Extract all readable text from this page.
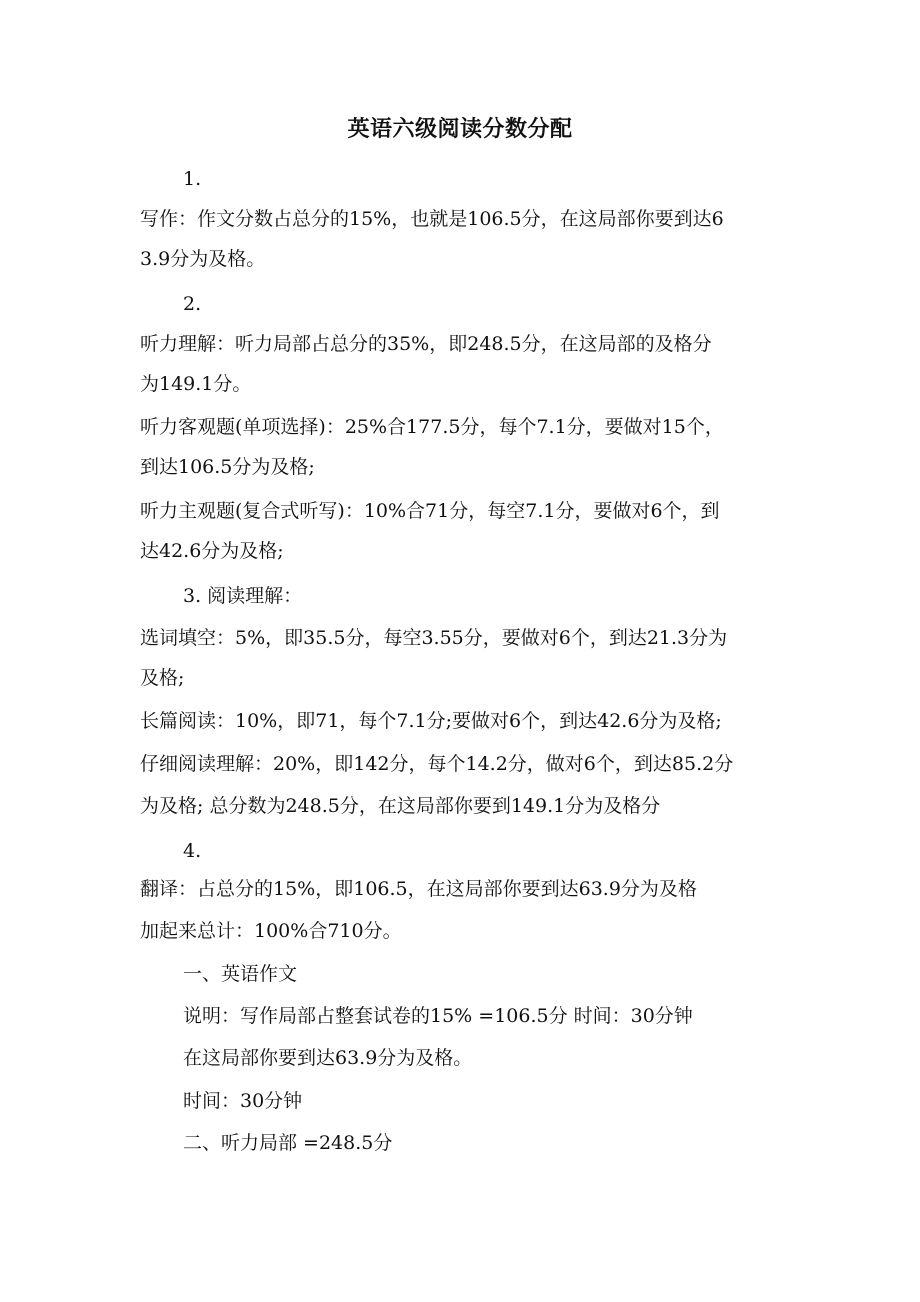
英语六级阅读分数分配
1.
写作：作文分数占总分的15%，也就是106.5分，在这局部你要到达6
3.9分为及格。
2.
听力理解：听力局部占总分的35%，即248.5分，在这局部的及格分
为149.1分。
听力客观题(单项选择)：25%合177.5分，每个7.1分，要做对15个，
到达106.5分为及格;
听力主观题(复合式听写)：10%合71分，每空7.1分，要做对6个，到
达42.6分为及格;
3. 阅读理解：
选词填空：5%，即35.5分，每空3.55分，要做对6个，到达21.3分为
及格;
长篇阅读：10%，即71，每个7.1分;要做对6个，到达42.6分为及格;
仔细阅读理解：20%，即142分，每个14.2分，做对6个，到达85.2分
为及格; 总分数为248.5分，在这局部你要到149.1分为及格分
4.
翻译：占总分的15%，即106.5，在这局部你要到达63.9分为及格
加起来总计：100%合710分。
一、英语作文
说明：写作局部占整套试卷的15% =106.5分 时间：30分钟
在这局部你要到达63.9分为及格。
时间：30分钟
二、听力局部 =248.5分
